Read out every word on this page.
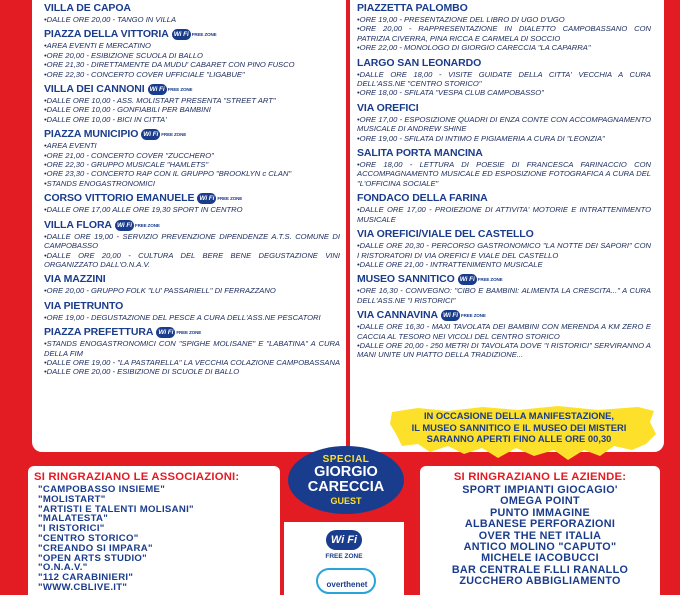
VILLA DE CAPOA
•DALLE ORE 20,00 - TANGO IN VILLA
PIAZZA DELLA VITTORIA Wi Fi FREE ZONE
•AREA EVENTI E MERCATINO
•ORE 20,00 - ESIBIZIONE SCUOLA DI BALLO
•ORE 21,30 - DIRETTAMENTE DA MUDU' CABARET CON PINO FUSCO
•ORE 22,30 - CONCERTO COVER UFFICIALE "LIGABUE"
VILLA DEI CANNONI Wi Fi FREE ZONE
•DALLE ORE 10,00 - ASS. MOLISTART PRESENTA "STREET ART"
•DALLE ORE 10,00 - GONFIABILI PER BAMBINI
•DALLE ORE 10,00 - BICI IN CITTA'
PIAZZA MUNICIPIO Wi Fi FREE ZONE
•AREA EVENTI
•ORE 21,00 - CONCERTO COVER "ZUCCHERO"
•ORE 22,30 - GRUPPO MUSICALE "HAMLETS"
•ORE 23,30 - CONCERTO RAP CON IL GRUPPO "BROOKLYN c CLAN"
•STANDS ENOGASTRONOMICI
CORSO VITTORIO EMANUELE Wi Fi FREE ZONE
•DALLE ORE 17,00 ALLE ORE 19,30 SPORT IN CENTRO
VILLA FLORA Wi Fi FREE ZONE
•DALLE ORE 19,00 - SERVIZIO PREVENZIONE DIPENDENZE A.T.S. COMUNE DI CAMPOBASSO
•DALLE ORE 20,00 - CULTURA DEL BERE BENE DEGUSTAZIONE VINI ORGANIZZATO DALL'O.N.A.V.
VIA MAZZINI
•ORE 20,00 - GRUPPO FOLK "LU' PASSARIELL" DI FERRAZZANO
VIA PIETRUNTO
•ORE 19,00 - DEGUSTAZIONE DEL PESCE A CURA DELL'ASS.NE PESCATORI
PIAZZA PREFETTURA Wi Fi FREE ZONE
•STANDS ENOGASTRONOMICI CON "SPIGHE MOLISANE" E "LABATINA" A CURA DELLA FIM
•DALLE ORE 19,00 - "LA PASTARELLA" LA VECCHIA COLAZIONE CAMPOBASSANA
•DALLE ORE 20,00 - ESIBIZIONE DI SCUOLE DI BALLO
PIAZZETTA PALOMBO
•ORE 19,00 - PRESENTAZIONE DEL LIBRO DI UGO D'UGO
•ORE 20,00 - RAPPRESENTAZIONE IN DIALETTO CAMPOBASSANO CON PATRIZIA CIVERRA, PINA RICCA E CARMELA DI SOCCIO
•ORE 22,00 - MONOLOGO DI GIORGIO CARECCIA "LA CAPARRA"
LARGO SAN LEONARDO
•DALLE ORE 18,00 - VISITE GUIDATE DELLA CITTA' VECCHIA A CURA DELL'ASS.NE "CENTRO STORICO"
•ORE 18,00 - SFILATA "VESPA CLUB CAMPOBASSO"
VIA OREFICI
•ORE 17,00 - ESPOSIZIONE QUADRI DI ENZA CONTE CON ACCOMPAGNAMENTO MUSICALE DI ANDREW SHINE
•ORE 19,00 - SFILATA DI INTIMO E PIGIAMERIA A CURA DI "LEONZIA"
SALITA PORTA MANCINA
•ORE 18,00 - LETTURA DI POESIE DI FRANCESCA FARINACCIO CON ACCOMPAGNAMENTO MUSICALE ED ESPOSIZIONE FOTOGRAFICA A CURA DEL "L'OFFICINA SOCIALE"
FONDACO DELLA FARINA
•DALLE ORE 17,00 - PROIEZIONE DI ATTIVITA' MOTORIE E INTRATTENIMENTO MUSICALE
VIA OREFICI/VIALE DEL CASTELLO
•DALLE ORE 20,30 - PERCORSO GASTRONOMICO "LA NOTTE DEI SAPORI" CON I RISTORATORI DI VIA OREFICI E VIALE DEL CASTELLO
•DALLE ORE 21,00 - INTRATTENIMENTO MUSICALE
MUSEO SANNITICO Wi Fi FREE ZONE
•ORE 16,30 - CONVEGNO: "CIBO E BAMBINI: ALIMENTA LA CRESCITA..." A CURA DELL'ASS.NE "I RISTORICI"
VIA CANNAVINA Wi Fi FREE ZONE
•DALLE ORE 16,30 - MAXI TAVOLATA DEI BAMBINI CON MERENDA A KM ZERO E CACCIA AL TESORO NEI VICOLI DEL CENTRO STORICO
•DALLE ORE 20,00 - 250 METRI DI TAVOLATA DOVE "I RISTORICI" SERVIRANNO A MANI UNITE UN PIATTO DELLA TRADIZIONE...
IN OCCASIONE DELLA MANIFESTAZIONE,
IL MUSEO SANNITICO E IL MUSEO DEI MISTERI
SARANNO APERTI FINO ALLE ORE 00,30
SPECIAL
GIORGIO
CARECCIA
GUEST
SI RINGRAZIANO LE ASSOCIAZIONI:
"CAMPOBASSO INSIEME"
"MOLISTART"
"ARTISTI E TALENTI MOLISANI"
"MALATESTA"
"I RISTORICI"
"CENTRO STORICO"
"CREANDO SI IMPARA"
"OPEN ARTS STUDIO"
"O.N.A.V."
"112 CARABINIERI"
"WWW.CBLIVE.IT"
SI RINGRAZIANO LE AZIENDE:
SPORT IMPIANTI GIOCAGIO'
OMEGA POINT
PUNTO IMMAGINE
ALBANESE PERFORAZIONI
OVER THE NET ITALIA
ANTICO MOLINO "CAPUTO"
MICHELE IACOBUCCI
BAR CENTRALE F.LLI RANALLO
ZUCCHERO ABBIGLIAMENTO
Wi Fi
FREE ZONE
overthenet
